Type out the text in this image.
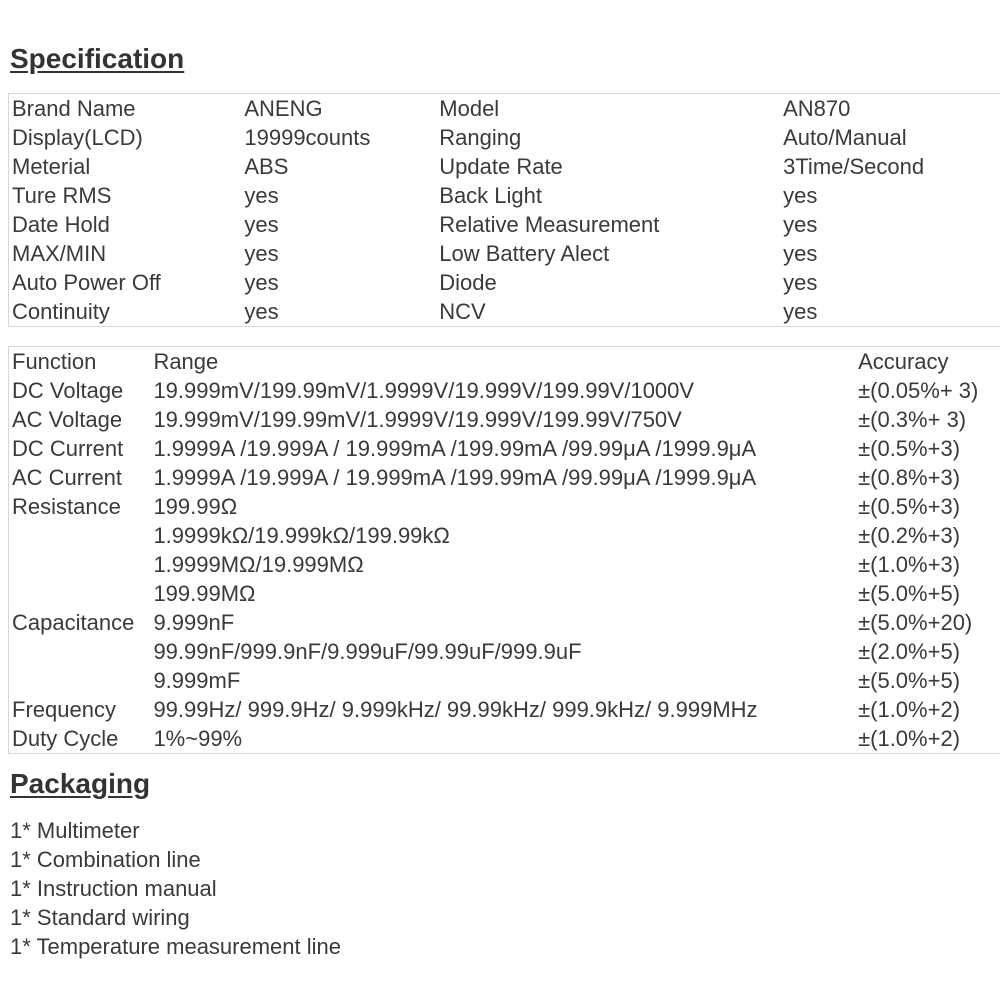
Specification
Brand Name	ANENG	Model	AN870
Display(LCD)	19999counts	Ranging	Auto/Manual
Meterial	ABS	Update Rate	3Time/Second
Ture RMS	yes	Back Light	yes
Date Hold	yes	Relative Measurement	yes
MAX/MIN	yes	Low Battery Alect	yes
Auto Power Off	yes	Diode	yes
Continuity	yes	NCV	yes
Function	Range	Accuracy
DC Voltage	19.999mV/199.99mV/1.9999V/19.999V/199.99V/1000V	±(0.05%+ 3)
AC Voltage	19.999mV/199.99mV/1.9999V/19.999V/199.99V/750V	±(0.3%+ 3)
DC Current	1.9999A /19.999A / 19.999mA /199.99mA /99.99μA /1999.9μA	±(0.5%+3)
AC Current	1.9999A /19.999A / 19.999mA /199.99mA /99.99μA /1999.9μA	±(0.8%+3)
Resistance	199.99Ω	±(0.5%+3)
	1.9999kΩ/19.999kΩ/199.99kΩ	±(0.2%+3)
	1.9999MΩ/19.999MΩ	±(1.0%+3)
	199.99MΩ	±(5.0%+5)
Capacitance	9.999nF	±(5.0%+20)
	99.99nF/999.9nF/9.999uF/99.99uF/999.9uF	±(2.0%+5)
	9.999mF	±(5.0%+5)
Frequency	99.99Hz/ 999.9Hz/ 9.999kHz/ 99.99kHz/ 999.9kHz/ 9.999MHz	±(1.0%+2)
Duty Cycle	1%~99%	±(1.0%+2)
Packaging
1* Multimeter
1* Combination line
1* Instruction manual
1* Standard wiring
1* Temperature measurement line
